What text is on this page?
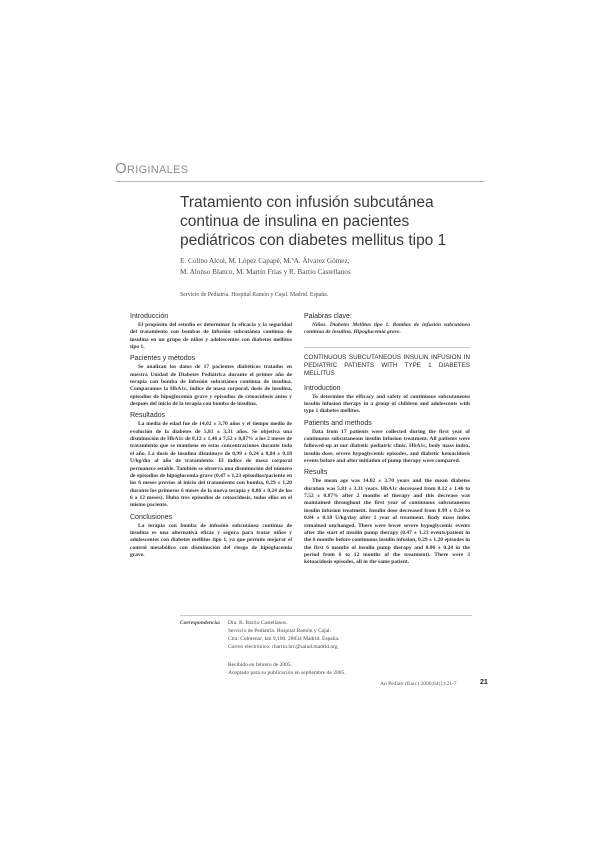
Originales
Tratamiento con infusión subcutánea continua de insulina en pacientes pediátricos con diabetes mellitus tipo 1
E. Colino Alcol, M. López Capapé, M.ªA. Álvarez Gómez,
M. Alonso Blanco, M. Martín Frías y R. Barrio Castellanos
Servicio de Pediatría. Hospital Ramón y Cajal. Madrid. España.
Introducción

El propósito del estudio es determinar la eficacia y la seguridad del tratamiento con bombas de infusión subcutánea continua de insulina en un grupo de niños y adolescentes con diabetes mellitus tipo 1.

Pacientes y métodos

Se analizan los datos de 17 pacientes diabéticos tratados en nuestra Unidad de Diabetes Pediátrica durante el primer año de terapia con bomba de infusión subcutánea continua de insulina. Comparamos la HbA1c, índice de masa corporal, dosis de insulina, episodios de hipoglucemia grave y episodios de cetoacidosis antes y después del inicio de la terapia con bomba de insulina.

Resultados

La media de edad fue de 14,02 ± 3,70 años y el tiempo medio de evolución de la diabetes de 5,81 ± 3,31 años. Se objetiva una disminución de HbA1c de 8,12 ± 1,46 a 7,52 ± 0,87% a los 2 meses de tratamiento que se mantiene en estas concentraciones durante todo el año. La dosis de insulina disminuye de 0,99 ± 0,24 a 0,84 ± 0,18 U/kg/día al año de tratamiento. El índice de masa corporal permanece estable. También se observa una disminución del número de episodios de hipoglucemia grave (0,47 ± 1,23 episodios/paciente en los 6 meses previos al inicio del tratamiento con bomba, 0,29 ± 1,20 durante los primeros 6 meses de la nueva terapia y 0,06 ± 0,24 de los 6 a 12 meses). Hubo tres episodios de cetoacidosis, todos ellos en el mismo paciente.

Conclusiones

La terapia con bomba de infusión subcutánea continua de insulina es una alternativa eficaz y segura para tratar niños y adolescentes con diabetes mellitus tipo 1, ya que permite mejorar el control metabólico con disminución del riesgo de hipoglucemia grave.

Palabras clave:

Niños. Diabetes Mellitus tipo 1. Bombas de infusión subcutánea continua de insulina. Hipoglucemia grave.

CONTINUOUS SUBCUTANEOUS INSULIN INFUSION IN PEDIATRIC PATIENTS WITH TYPE 1 DIABETES MELLITUS
Introduction

To determine the efficacy and safety of continuous subcutaneous insulin infusion therapy in a group of children and adolescents with type 1 diabetes mellitus.

Patients and methods

Data from 17 patients were collected during the first year of continuous subcutaneous insulin infusion treatment. All patients were followed-up at our diabetic pediatric clinic. HbA1c, body mass index, insulin dose, severe hypoglycemic episodes, and diabetic ketoacidosis events before and after initiation of pump therapy were compared.

Results

The mean age was 14.02 ± 3.70 years and the mean diabetes duration was 5.81 ± 3.31 years. HbA1c decreased from 8.12 ± 1.46 to 7.52 ± 0.87% after 2 months of therapy and this decrease was maintained throughout the first year of continuous subcutaneous insulin infusion treatment. Insulin dose decreased from 0.99 ± 0.24 to 0.84 ± 0.18 U/kg/day after 1 year of treatment. Body mass index remained unchanged. There were fewer severe hypoglycemic events after the start of insulin pump therapy (0.47 ± 1.23 events/patient in the 6 months before continuous insulin infusion, 0.29 ± 1.20 episodes in the first 6 months of insulin pump therapy and 0.06 ± 0.24 in the period from 6 to 12 months of the treatment). There were 3 ketoacidosis episodes, all in the same patient.

Correspondencia: Dra. R. Barrio Castellanos.
Servicio de Pediatría. Hospital Ramón y Cajal.
Ctra. Colmenar, km 9,100. 28034 Madrid. España.
Correo electrónico: rbarrio.hrc@salud.madrid.org
Recibido en febrero de 2005.
Aceptado para su publicación en septiembre de 2005.
An Pediatr (Barc) 2006;64(1):21-7	21
